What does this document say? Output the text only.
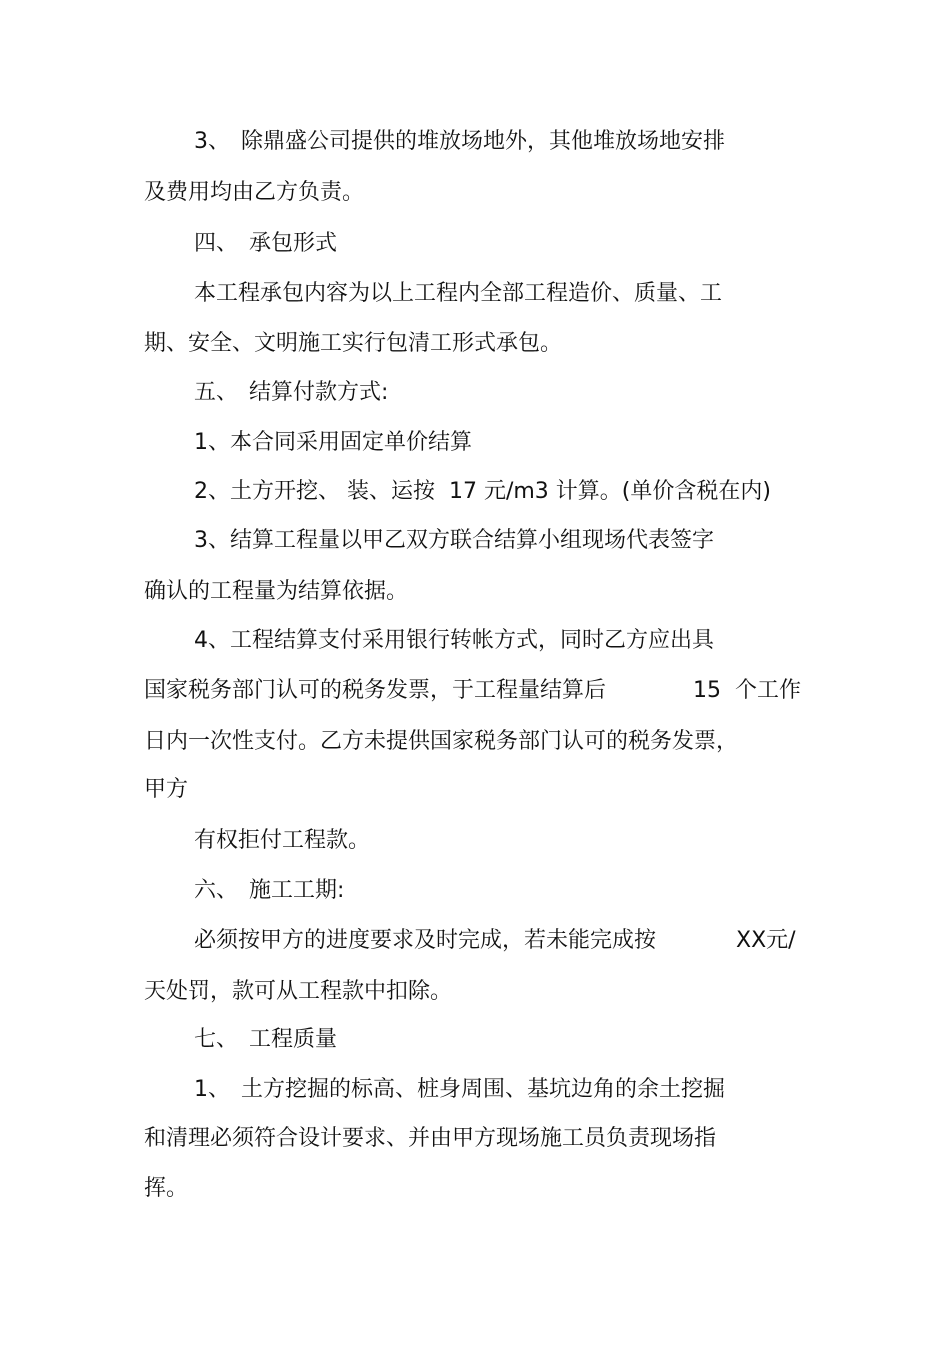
3、　除鼎盛公司提供的堆放场地外，其他堆放场地安排

及费用均由乙方负责。

四、　承包形式

本工程承包内容为以上工程内全部工程造价、质量、工

期、安全、文明施工实行包清工形式承包。

五、　结算付款方式:

1、本合同采用固定单价结算

2、土方开挖、 装、运按  17 元/m3 计算。(单价含税在内)

3、结算工程量以甲乙双方联合结算小组现场代表签字

确认的工程量为结算依据。

4、工程结算支付采用银行转帐方式，同时乙方应出具

国家税务部门认可的税务发票，于工程量结算后	15  个工作

日内一次性支付。乙方未提供国家税务部门认可的税务发票，

甲方

有权拒付工程款。

六、　施工工期:

必须按甲方的进度要求及时完成，若未能完成按	XX元/

天处罚，款可从工程款中扣除。

七、　工程质量

1、　土方挖掘的标高、桩身周围、基坑边角的余土挖掘

和清理必须符合设计要求、并由甲方现场施工员负责现场指

挥。
